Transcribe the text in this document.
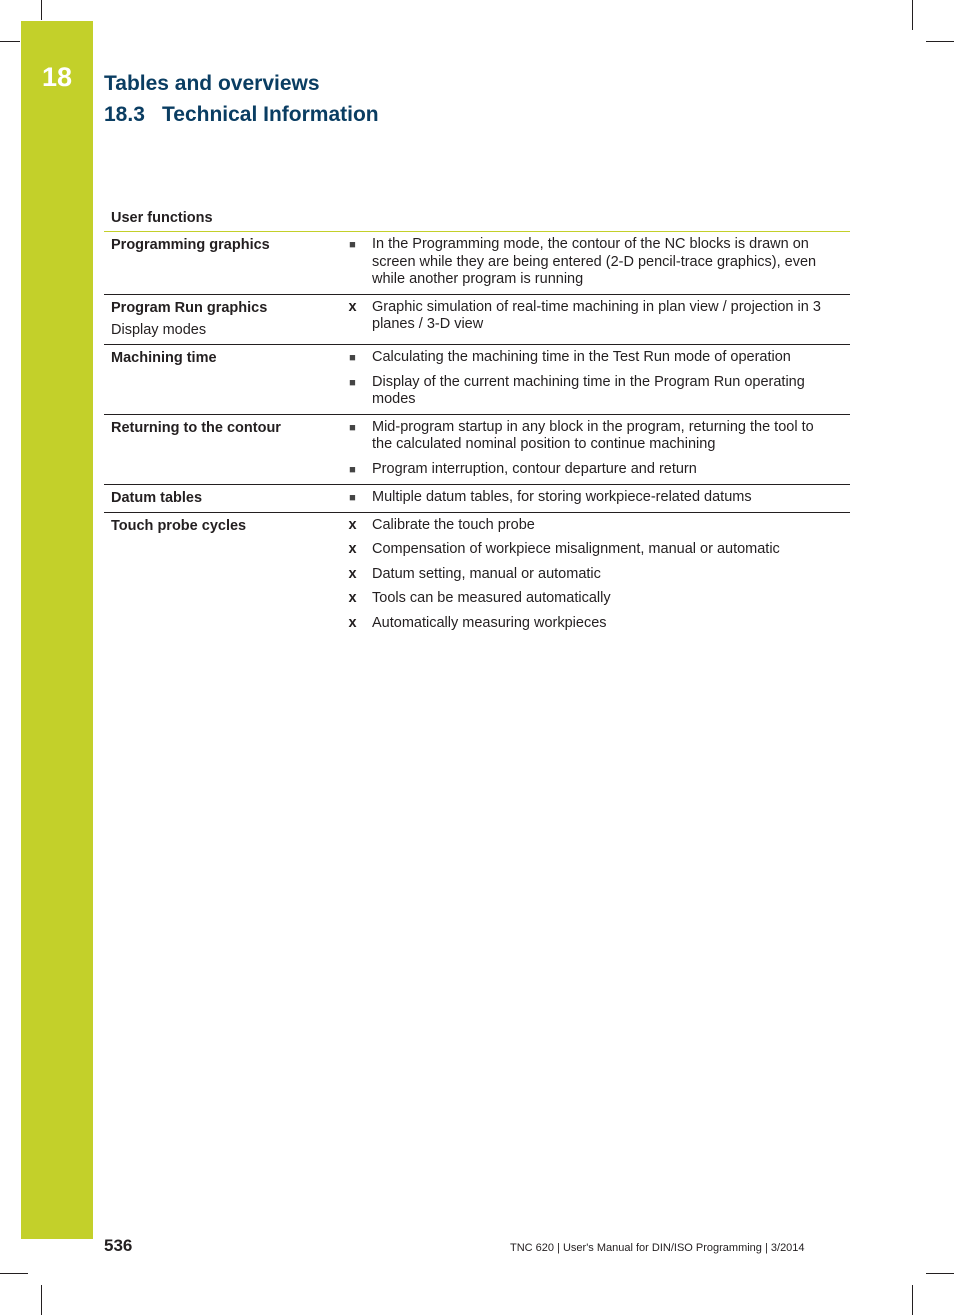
18	Tables and overviews
18.3 Technical Information
User functions
Programming graphics	■	In the Programming mode, the contour of the NC blocks is drawn on screen while they are being entered (2-D pencil-trace graphics), even while another program is running
Program Run graphics
Display modes
x	Graphic simulation of real-time machining in plan view / projection in 3 planes / 3-D view
Machining time	■	Calculating the machining time in the Test Run mode of operation
■	Display of the current machining time in the Program Run operating modes
Returning to the contour	■	Mid-program startup in any block in the program, returning the tool to the calculated nominal position to continue machining
■	Program interruption, contour departure and return
Datum tables	■	Multiple datum tables, for storing workpiece-related datums
Touch probe cycles	x	Calibrate the touch probe
x	Compensation of workpiece misalignment, manual or automatic
x	Datum setting, manual or automatic
x	Tools can be measured automatically
x	Automatically measuring workpieces
536	TNC 620 | User's Manual for DIN/ISO Programming | 3/2014
